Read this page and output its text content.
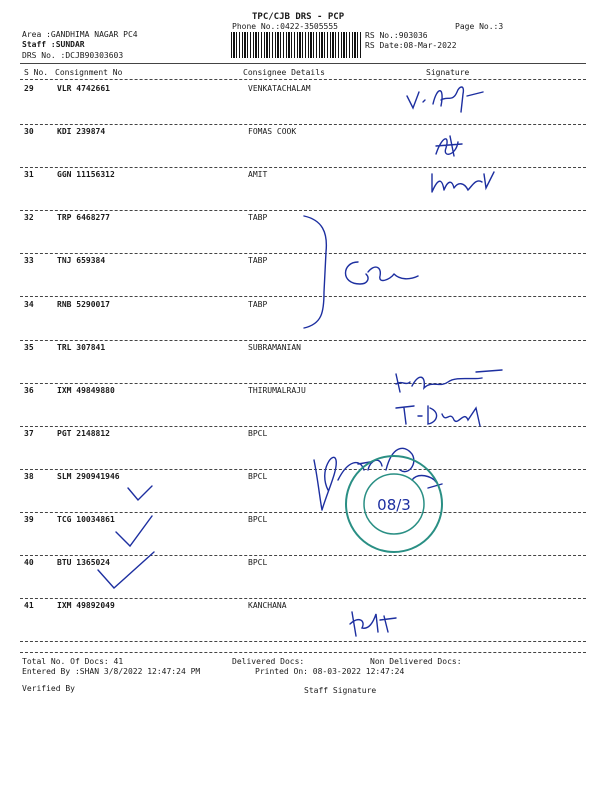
TPC/CJB DRS - PCP
Phone No.:0422-3505555	Page No.:3
Area :GANDHIMA NAGAR PC4
Staff :SUNDAR
DRS No. :DCJB90303603
RS No.:903036
RS Date:08-Mar-2022
S No. Consignment No	Consignee Details	Signature
29	VLR 4742661	VENKATACHALAM
30	KDI 239874	FOMAS COOK
31	GGN 11156312	AMIT
32	TRP 6468277	TABP
33	TNJ 659384	TABP
34	RNB 5290017	TABP
35	TRL 307841	SUBRAMANIAN
36	IXM 49849880	THIRUMALRAJU
37	PGT 2148812	BPCL
38	SLM 290941946	BPCL
39	TCG 10034861	BPCL
40	BTU 1365024	BPCL
41	IXM 49892049	KANCHANA
08/3
Total No. Of Docs: 41	Delivered Docs:	Non Delivered Docs:
Entered By :SHAN 3/8/2022 12:47:24 PM	Printed On: 08-03-2022 12:47:24
Verified By	Staff Signature
